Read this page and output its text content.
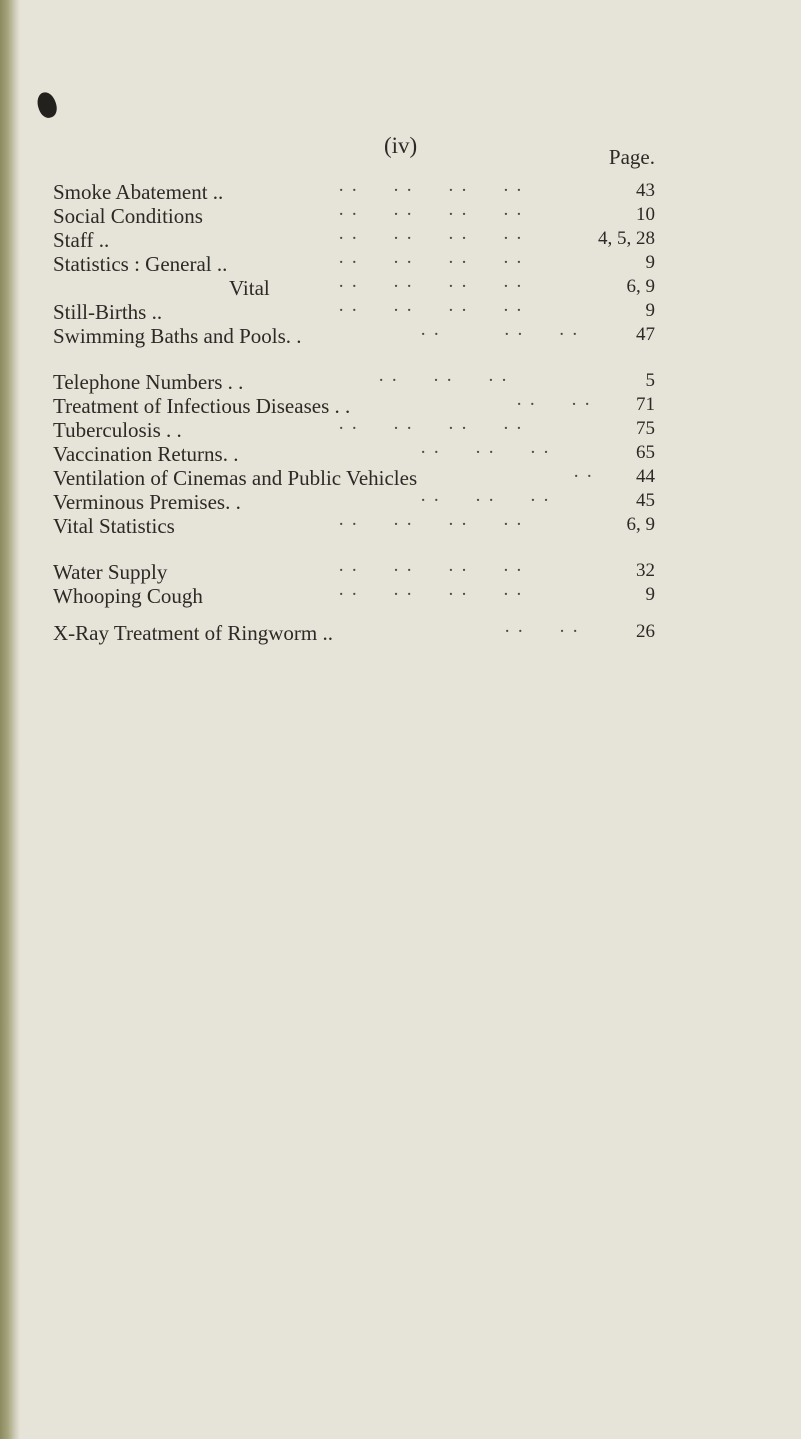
(iv)	Page.
Smoke Abatement ..	· ·      · ·      · ·      · ·	43
Social Conditions	· ·      · ·      · ·      · ·	10
Staff ..	· ·      · ·      · ·      · ·	4, 5, 28
Statistics : General ..	· ·      · ·      · ·      · ·	9
Vital	· ·      · ·      · ·      · ·	6, 9
Still-Births ..	· ·      · ·      · ·      · ·	9
Swimming Baths and Pools. .	· ·           · ·      · ·	47
Telephone Numbers . .	· ·      · ·      · ·	5
Treatment of Infectious Diseases . .	· ·      · ·	71
Tuberculosis . .	· ·      · ·      · ·      · ·	75
Vaccination Returns. .	· ·      · ·      · ·	65
Ventilation of Cinemas and Public Vehicles	· ·	44
Verminous Premises. .	· ·      · ·      · ·	45
Vital Statistics	· ·      · ·      · ·      · ·	6, 9
Water Supply	· ·      · ·      · ·      · ·	32
Whooping Cough	· ·      · ·      · ·      · ·	9
X-Ray Treatment of Ringworm ..	· ·      · ·	26
